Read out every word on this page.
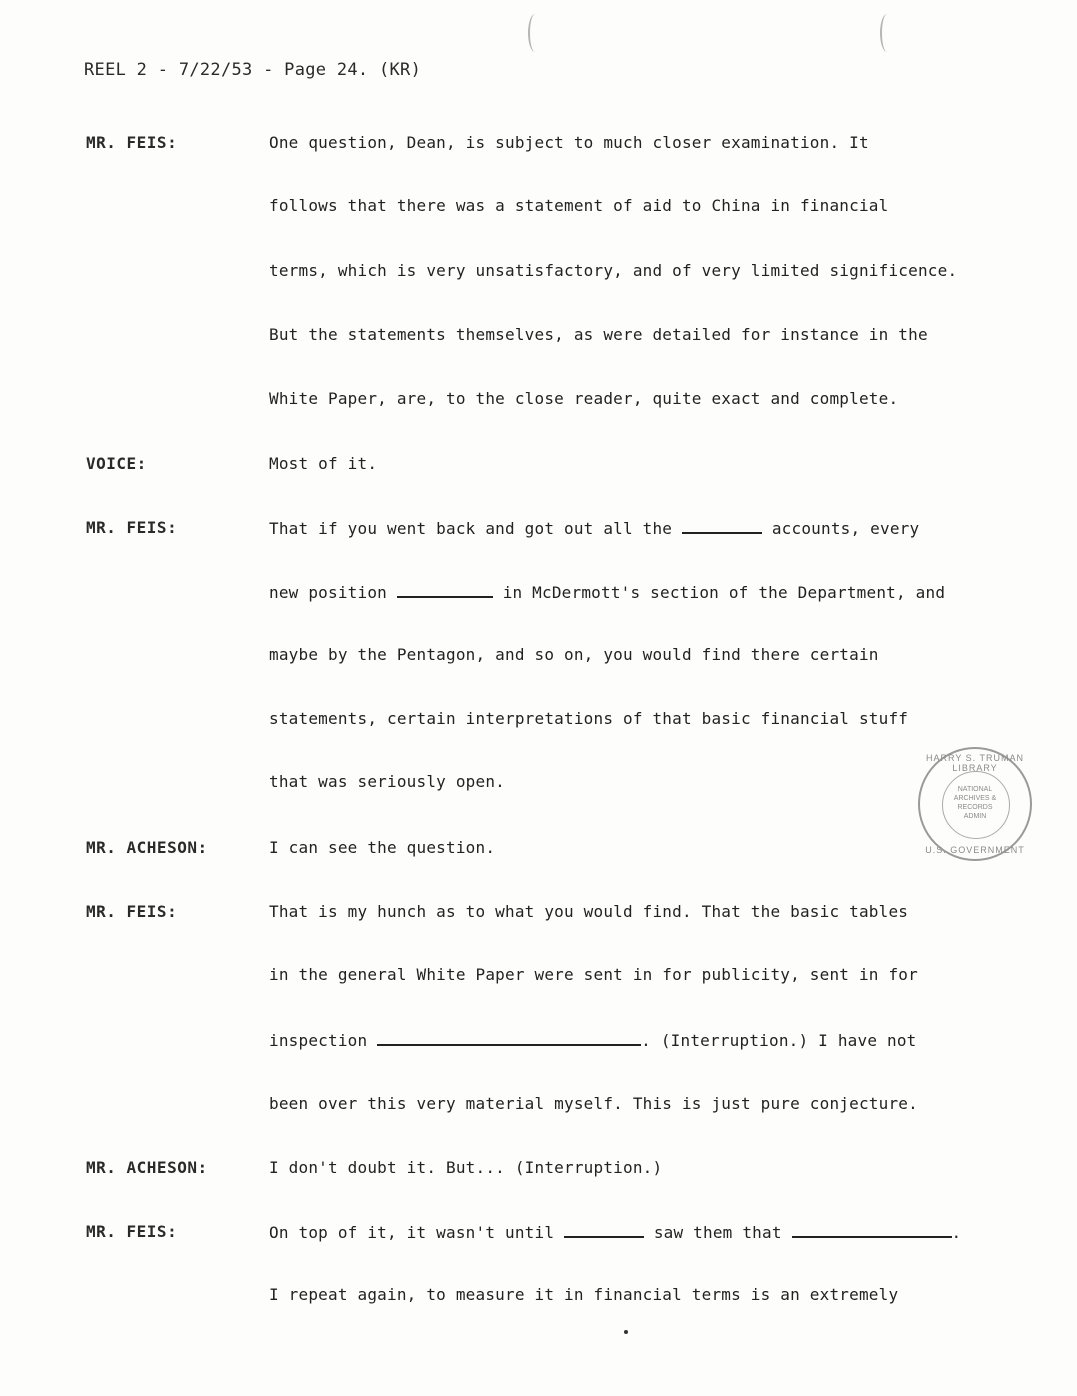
REEL 2 - 7/22/53 - Page 24. (KR)
MR. FEIS:	One question, Dean, is subject to much closer examination. It
follows that there was a statement of aid to China in financial
terms, which is very unsatisfactory, and of very limited significence.
But the statements themselves, as were detailed for instance in the
White Paper, are, to the close reader, quite exact and complete.
VOICE:	Most of it.
MR. FEIS:	That if you went back and got out all the	accounts, every
new position	in McDermott's section of the Department, and
maybe by the Pentagon, and so on, you would find there certain
statements, certain interpretations of that basic financial stuff
that was seriously open.
MR. ACHESON:	I can see the question.
MR. FEIS:	That is my hunch as to what you would find. That the basic tables
in the general White Paper were sent in for publicity, sent in for
inspection	. (Interruption.) I have not
been over this very material myself. This is just pure conjecture.
MR. ACHESON:	I don't doubt it. But... (Interruption.)
MR. FEIS:	On top of it, it wasn't until	saw them that	.
I repeat again, to measure it in financial terms is an extremely
HARRY S. TRUMAN LIBRARY
NATIONAL
ARCHIVES &
RECORDS
ADMIN
U.S. GOVERNMENT
